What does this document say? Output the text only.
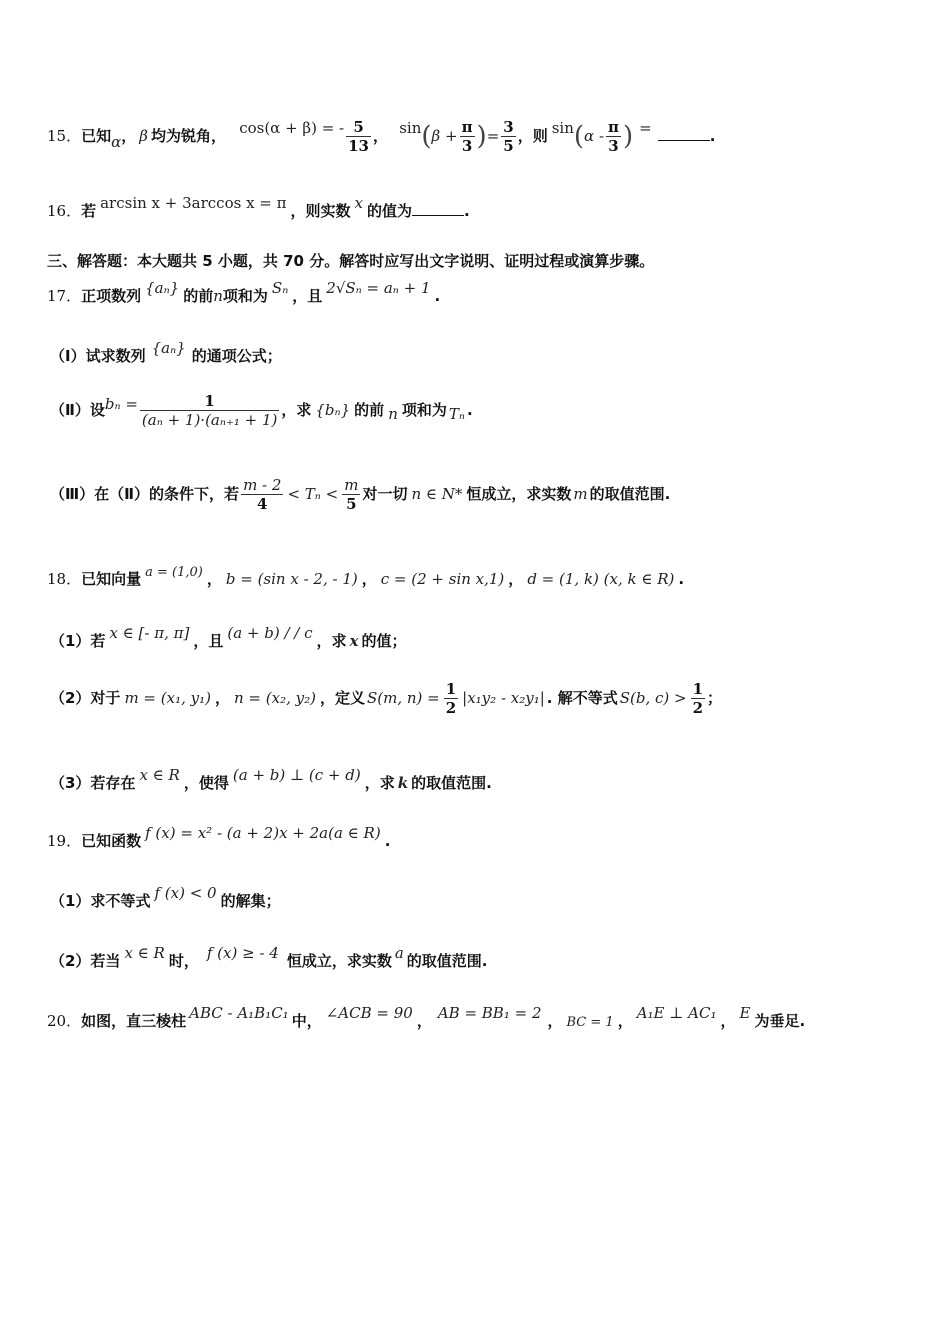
15．已知α， β 均为锐角， cos(α + β) = - $\frac{5}{13}$ ， $\sin(\beta + \frac{\pi}{3}$ )= $\frac{3}{5}$ ，则 $\sin(\alpha - \frac{\pi}{3}$ ) =	.
16．若 arcsin x + 3arccos x = π ，则实数 x 的值为	.
三、解答题：本大题共 5 小题，共 70 分。解答时应写出文字说明、证明过程或演算步骤。
17．正项数列 {aₙ} 的前n项和为 Sₙ ，且 2√Sₙ = aₙ + 1 .
（Ⅰ）试求数列 {aₙ} 的通项公式；
（Ⅱ）设$b_n = \frac{1}{\text{(aₙ + 1)·(aₙ₊₁ + 1)}}$ ，求 {bₙ} 的前 n 项和为 Tₙ .
（Ⅲ）在（Ⅱ）的条件下，若 $\frac{m - 2}{4} < T_n < \frac{m}{5}$ 对一切 n ∈ N* 恒成立，求实数 m 的取值范围.
18．已知向量 a = (1,0) ， b = (sin x - 2, - 1) ， c = (2 + sin x,1) ， d = (1, k) (x, k ∈ R) .
（1）若 x ∈ [- π, π] ，且 (a + b) / / c ，求 x 的值；
（2）对于 m = (x₁, y₁) ， n = (x₂, y₂) ，定义 S(m, $n) = \frac{1}{2} |x_1y_2 - x_2y_1|$ . 解不等式 S(b, $c) > \frac{1}{2}$ ；
（3）若存在 x ∈ R ，使得 (a + b) ⊥ (c + d) ，求 k 的取值范围.
19．已知函数 f (x) = x² - (a + 2)x + 2a(a ∈ R) .
（1）求不等式 f (x) < 0 的解集；
（2）若当 x ∈ R 时， f (x) ≥ - 4 恒成立，求实数 a 的取值范围.
20．如图，直三棱柱 ABC - A₁B₁C₁ 中， ∠ACB = 90 ， AB = BB₁ = 2 ， BC = 1 ， A₁E ⊥ AC₁ ， E 为垂足.
